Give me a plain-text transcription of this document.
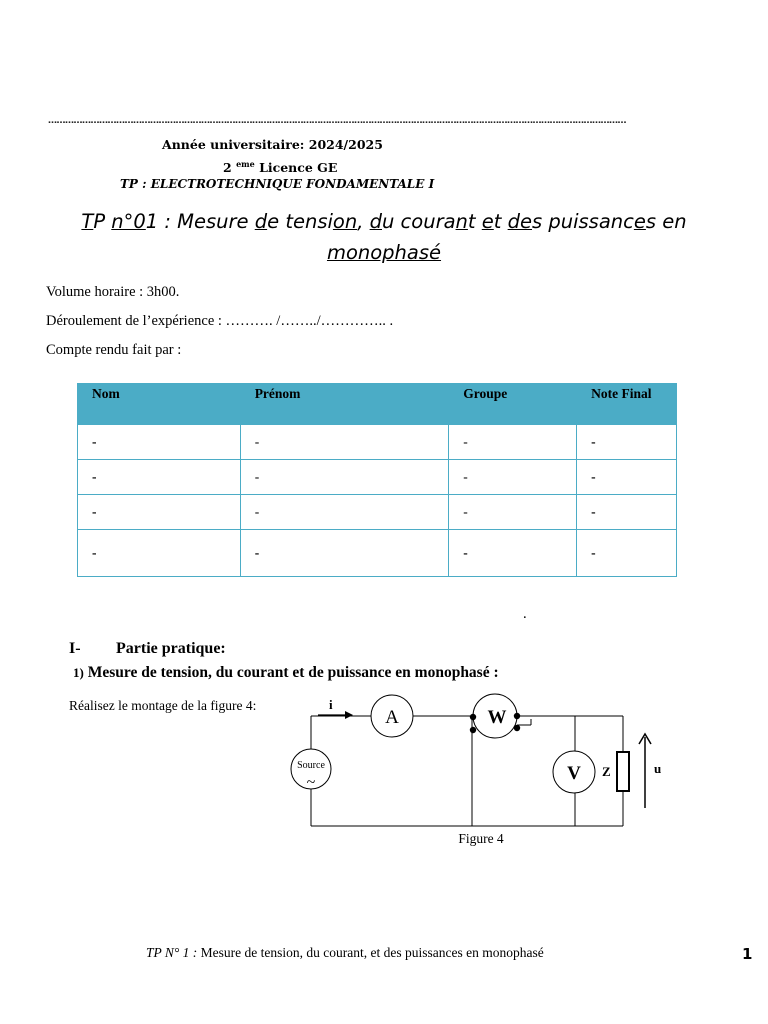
……………………………………………………………………………………………………………………………………………………………………………………
Année universitaire: 2024/2025
2 $^{eme}$ Licence GE
TP : ELECTROTECHNIQUE FONDAMENTALE I
TP n°01 : Mesure de tension, du courant et des puissances en
monophasé
Volume horaire : 3h00.
Déroulement de l’expérience : ………. /……../………….. .
Compte rendu fait par :
Nom	Prénom	Groupe	Note Final
-	-	-	-
-	-	-	-
-	-	-	-
-	-	-	-
.
I- Partie pratique:
1) Mesure de tension, du courant et de puissance en monophasé :
Réalisez le montage de la figure 4:	i
A	W
V
Source
~
Z	u
Figure 4
TP N° 1 : Mesure de tension, du courant, et des puissances en monophasé	1
